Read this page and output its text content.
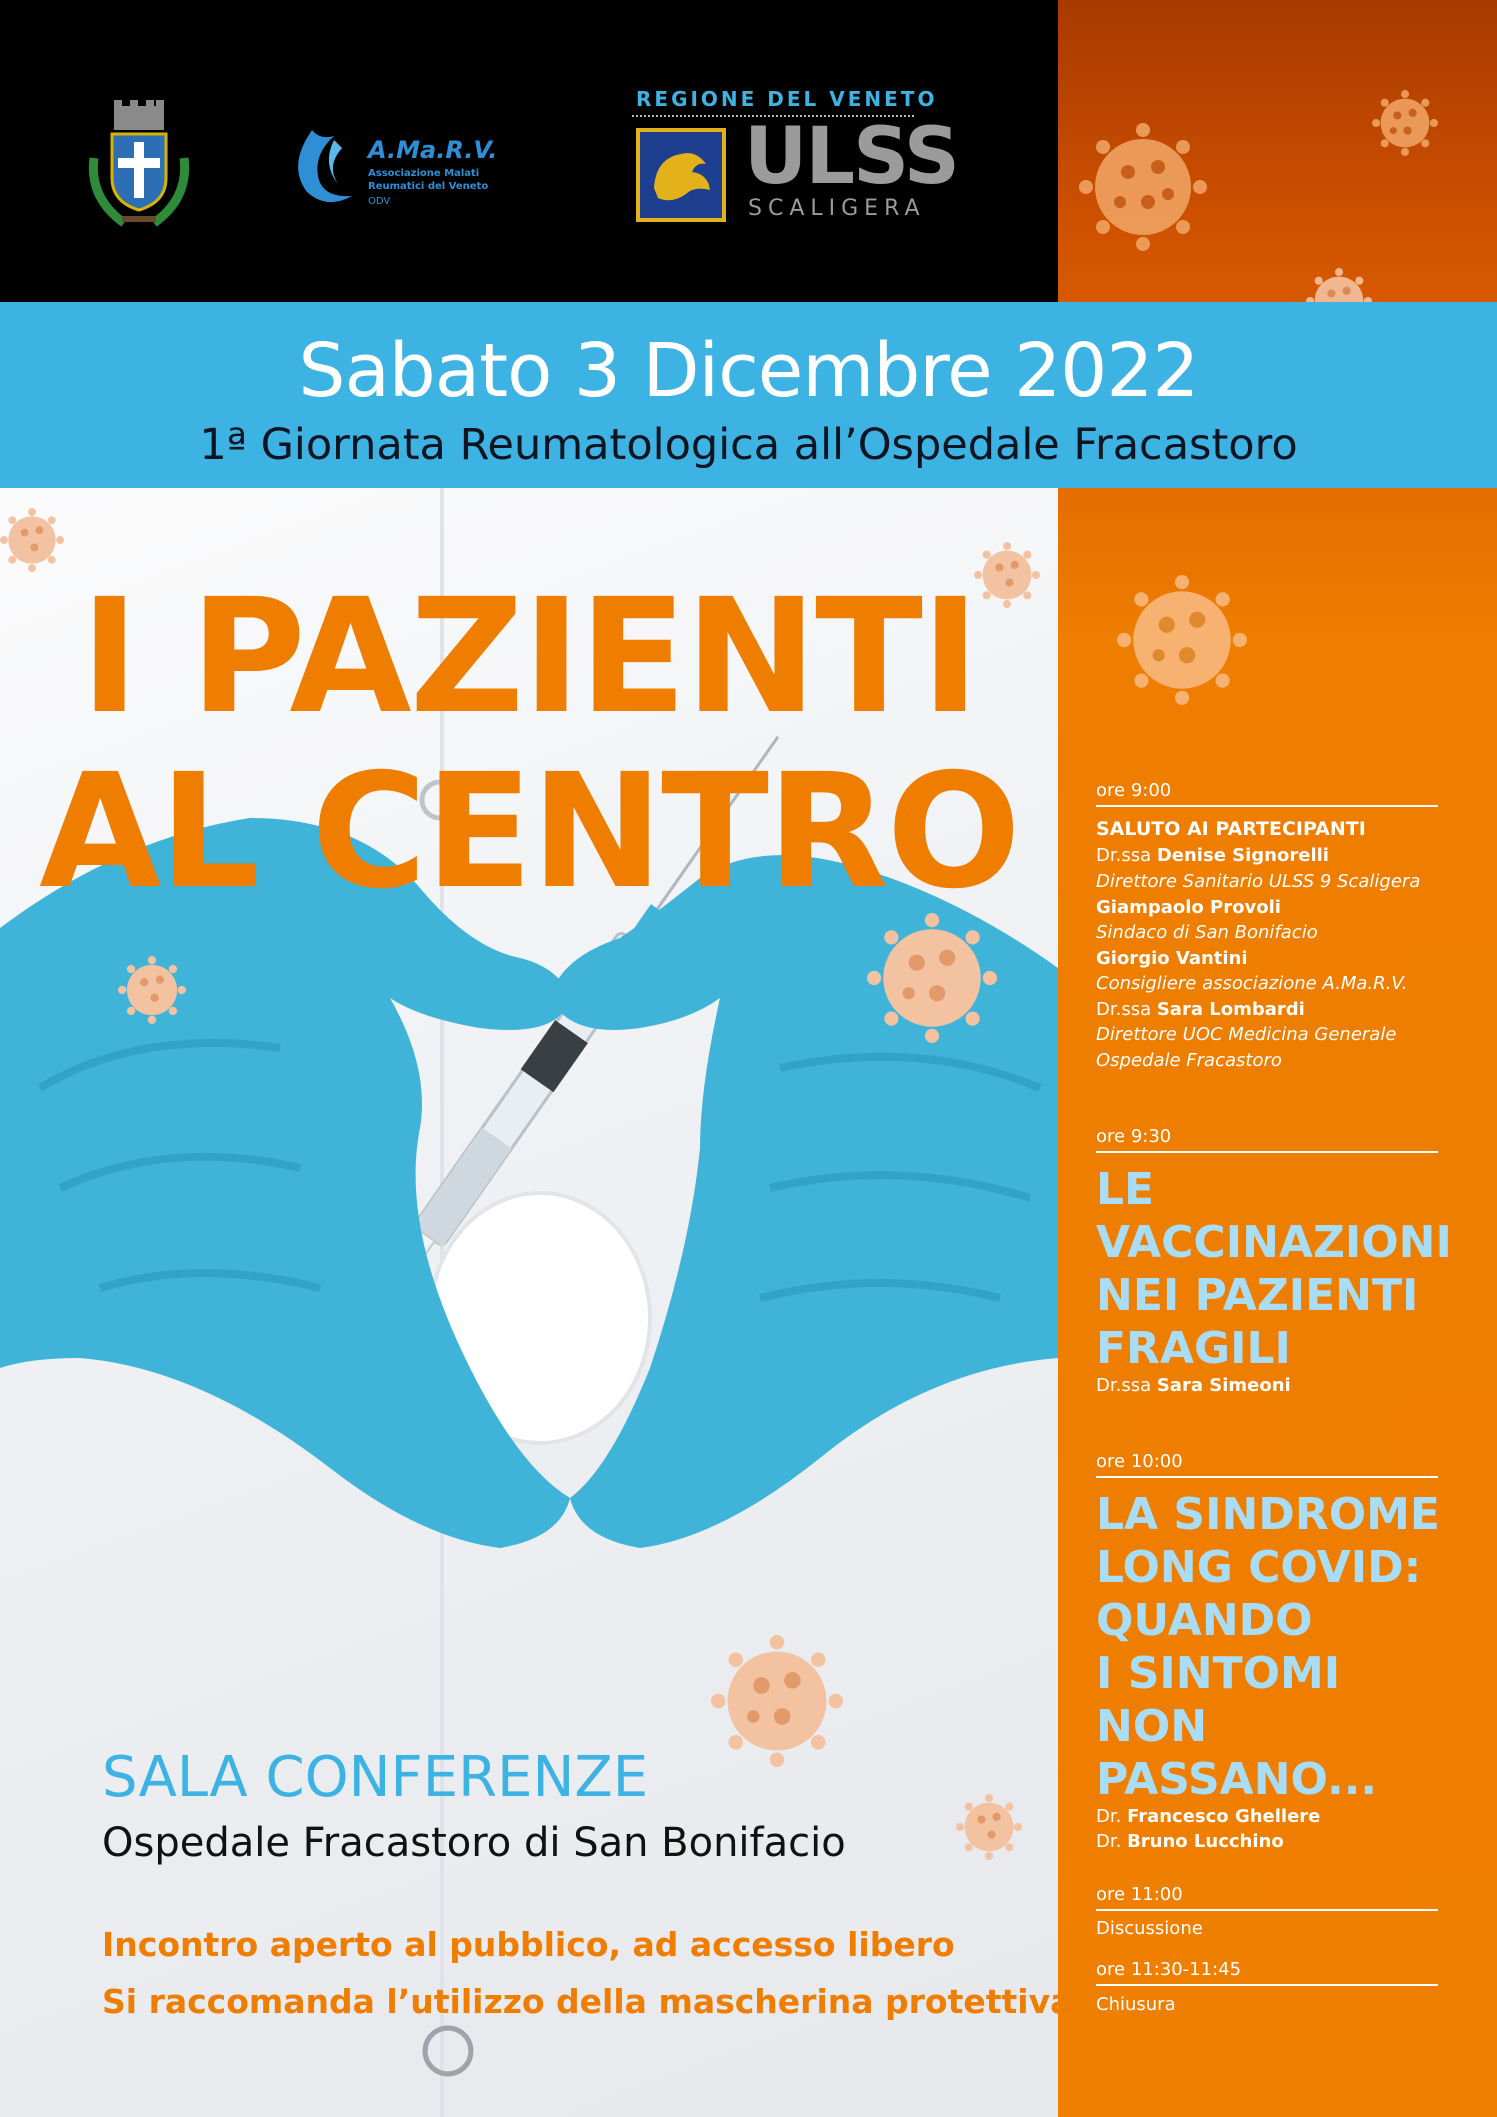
A.Ma.R.V.
Associazione Malati
Reumatici del Veneto
ODV
REGIONE DEL VENETO
ULSS
SCALIGERA
Sabato 3 Dicembre 2022
1ª Giornata Reumatologica all’Ospedale Fracastoro
I PAZIENTI
AL CENTRO
SALA CONFERENZE
Ospedale Fracastoro di San Bonifacio
Incontro aperto al pubblico, ad accesso libero
Si raccomanda l’utilizzo della mascherina protettiva
ore 9:00
SALUTO AI PARTECIPANTI
Dr.ssa Denise Signorelli
Direttore Sanitario ULSS 9 Scaligera
Giampaolo Provoli
Sindaco di San Bonifacio
Giorgio Vantini
Consigliere associazione A.Ma.R.V.
Dr.ssa Sara Lombardi
Direttore UOC Medicina Generale
Ospedale Fracastoro
ore 9:30
LE
VACCINAZIONI
NEI PAZIENTI
FRAGILI
Dr.ssa Sara Simeoni
ore 10:00
LA SINDROME
LONG COVID:
QUANDO
I SINTOMI
NON
PASSANO...
Dr. Francesco Ghellere
Dr. Bruno Lucchino
ore 11:00
Discussione
ore 11:30-11:45
Chiusura
